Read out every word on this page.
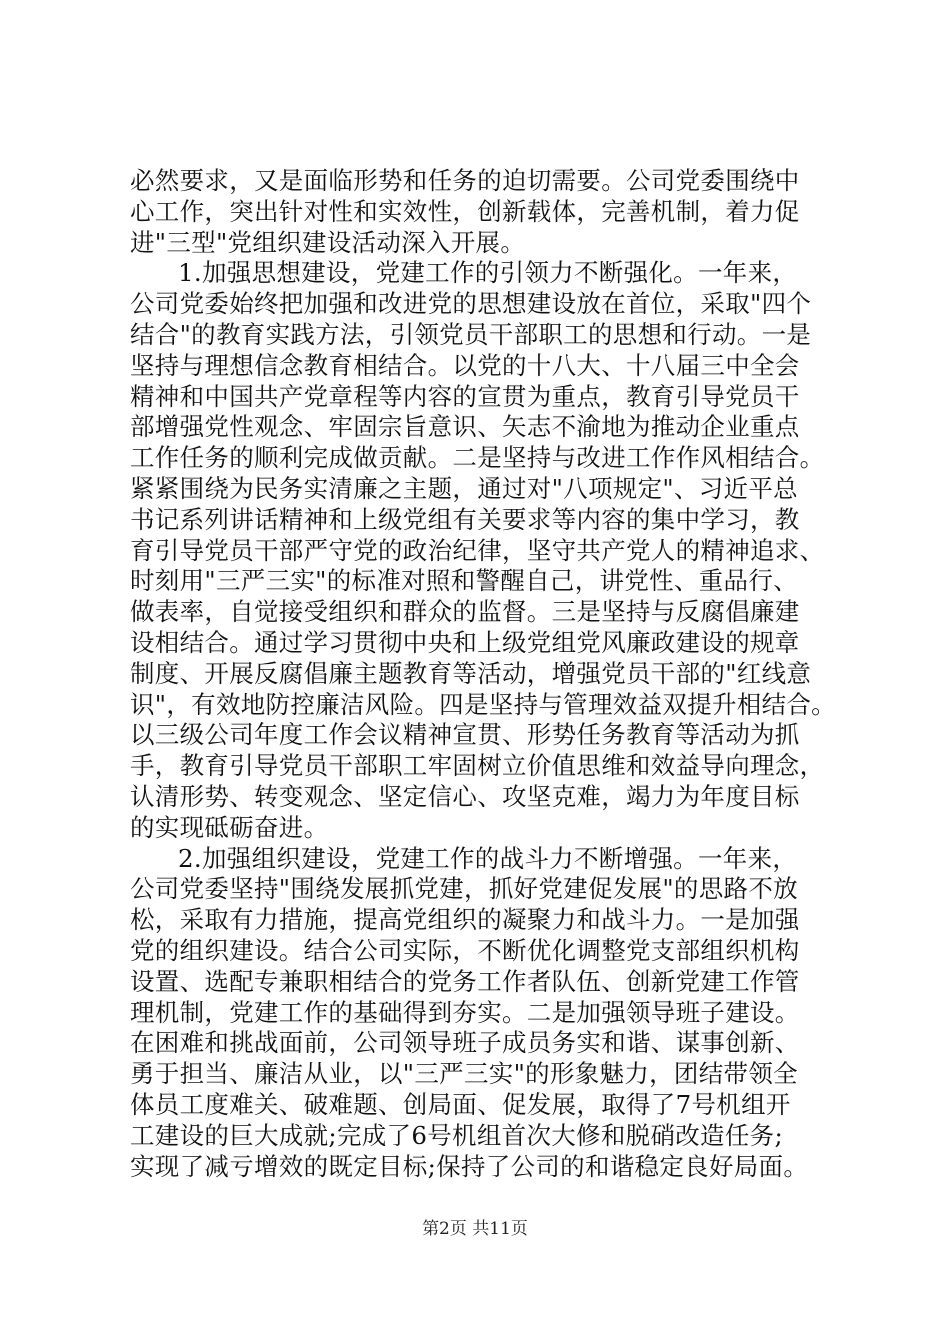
必然要求，又是面临形势和任务的迫切需要。公司党委围绕中
心工作，突出针对性和实效性，创新载体，完善机制，着力促
进"三型"党组织建设活动深入开展。
1.加强思想建设，党建工作的引领力不断强化。一年来，
公司党委始终把加强和改进党的思想建设放在首位，采取"四个
结合"的教育实践方法，引领党员干部职工的思想和行动。一是
坚持与理想信念教育相结合。以党的十八大、十八届三中全会
精神和中国共产党章程等内容的宣贯为重点，教育引导党员干
部增强党性观念、牢固宗旨意识、矢志不渝地为推动企业重点
工作任务的顺利完成做贡献。二是坚持与改进工作作风相结合。
紧紧围绕为民务实清廉之主题，通过对"八项规定"、习近平总
书记系列讲话精神和上级党组有关要求等内容的集中学习，教
育引导党员干部严守党的政治纪律，坚守共产党人的精神追求、
时刻用"三严三实"的标准对照和警醒自己，讲党性、重品行、
做表率，自觉接受组织和群众的监督。三是坚持与反腐倡廉建
设相结合。通过学习贯彻中央和上级党组党风廉政建设的规章
制度、开展反腐倡廉主题教育等活动，增强党员干部的"红线意
识"，有效地防控廉洁风险。四是坚持与管理效益双提升相结合。
以三级公司年度工作会议精神宣贯、形势任务教育等活动为抓
手，教育引导党员干部职工牢固树立价值思维和效益导向理念，
认清形势、转变观念、坚定信心、攻坚克难，竭力为年度目标
的实现砥砺奋进。
2.加强组织建设，党建工作的战斗力不断增强。一年来，
公司党委坚持"围绕发展抓党建，抓好党建促发展"的思路不放
松，采取有力措施，提高党组织的凝聚力和战斗力。一是加强
党的组织建设。结合公司实际，不断优化调整党支部组织机构
设置、选配专兼职相结合的党务工作者队伍、创新党建工作管
理机制，党建工作的基础得到夯实。二是加强领导班子建设。
在困难和挑战面前，公司领导班子成员务实和谐、谋事创新、
勇于担当、廉洁从业，以"三严三实"的形象魅力，团结带领全
体员工度难关、破难题、创局面、促发展，取得了7号机组开
工建设的巨大成就;完成了6号机组首次大修和脱硝改造任务;
实现了减亏增效的既定目标;保持了公司的和谐稳定良好局面。
第2页 共11页
